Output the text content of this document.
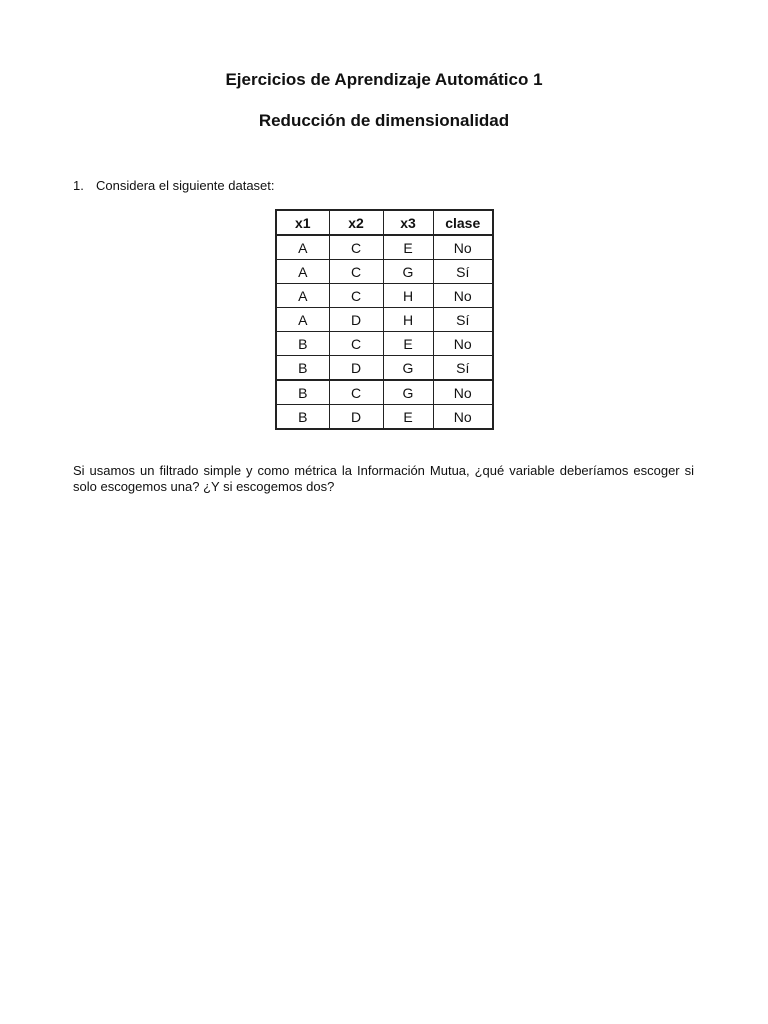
Ejercicios de Aprendizaje Automático 1
Reducción de dimensionalidad
1. Considera el siguiente dataset:
x1	x2	x3	clase
A	C	E	No
A	C	G	Sí
A	C	H	No
A	D	H	Sí
B	C	E	No
B	D	G	Sí
B	C	G	No
B	D	E	No

Si usamos un filtrado simple y como métrica la Información Mutua, ¿qué variable deberíamos escoger si solo escogemos una? ¿Y si escogemos dos?
